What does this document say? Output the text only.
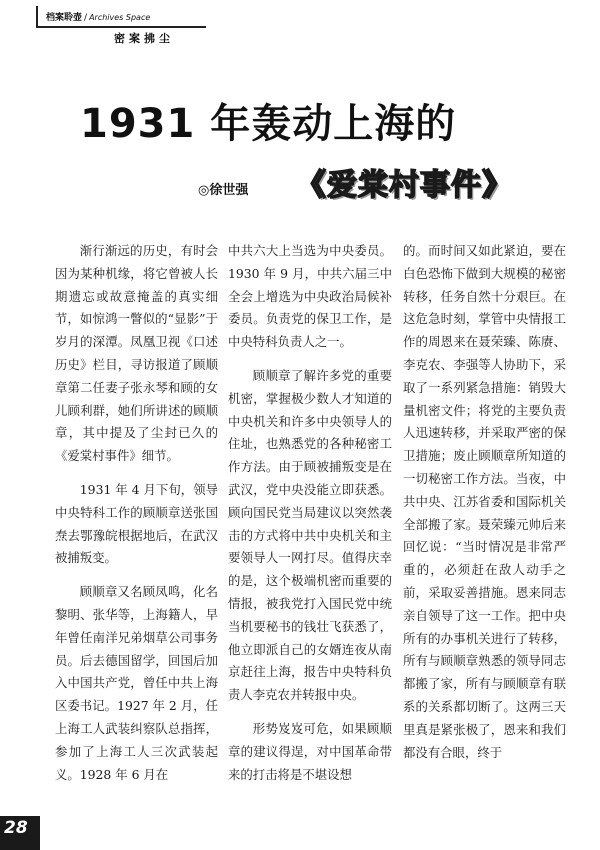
档案聆壶 / Archives Space
密案拂尘
1931 年轰动上海的
◎徐世强 《爱棠村事件》

渐行渐远的历史，有时会因为某种机缘，将它曾被人长期遗忘或故意掩盖的真实细节，如惊鸿一瞥似的“显影”于岁月的深潭。凤凰卫视《口述历史》栏目，寻访报道了顾顺章第二任妻子张永琴和顾的女儿顾利群，她们所讲述的顾顺章，其中提及了尘封已久的《爱棠村事件》细节。

1931 年 4 月下旬，领导中央特科工作的顾顺章送张国焘去鄂豫皖根据地后，在武汉被捕叛变。

顾顺章又名顾凤鸣，化名黎明、张华等，上海籍人，早年曾任南洋兄弟烟草公司事务员。后去德国留学，回国后加入中国共产党，曾任中共上海区委书记。1927 年 2 月，任上海工人武装纠察队总指挥，参加了上海工人三次武装起义。1928 年 6 月在

中共六大上当选为中央委员。1930 年 9 月，中共六届三中全会上增选为中央政治局候补委员。负责党的保卫工作，是中央特科负责人之一。

顾顺章了解许多党的重要机密，掌握极少数人才知道的中央机关和许多中央领导人的住址，也熟悉党的各种秘密工作方法。由于顾被捕叛变是在武汉，党中央没能立即获悉。顾向国民党当局建议以突然袭击的方式将中共中央机关和主要领导人一网打尽。值得庆幸的是，这个极端机密而重要的情报，被我党打入国民党中统当机要秘书的钱壮飞获悉了，他立即派自己的女婿连夜从南京赶往上海，报告中央特科负责人李克农并转报中央。

形势岌岌可危，如果顾顺章的建议得逞，对中国革命带来的打击将是不堪设想

的。而时间又如此紧迫，要在白色恐怖下做到大规模的秘密转移，任务自然十分艰巨。在这危急时刻，掌管中央情报工作的周恩来在聂荣臻、陈赓、李克农、李强等人协助下，采取了一系列紧急措施：销毁大量机密文件；将党的主要负责人迅速转移，并采取严密的保卫措施；废止顾顺章所知道的一切秘密工作方法。当夜，中共中央、江苏省委和国际机关全部搬了家。聂荣臻元帅后来回忆说：“当时情况是非常严重的，必须赶在敌人动手之前，采取妥善措施。恩来同志亲自领导了这一工作。把中央所有的办事机关进行了转移，所有与顾顺章熟悉的领导同志都搬了家，所有与顾顺章有联系的关系都切断了。这两三天里真是紧张极了，恩来和我们都没有合眼，终于

28
